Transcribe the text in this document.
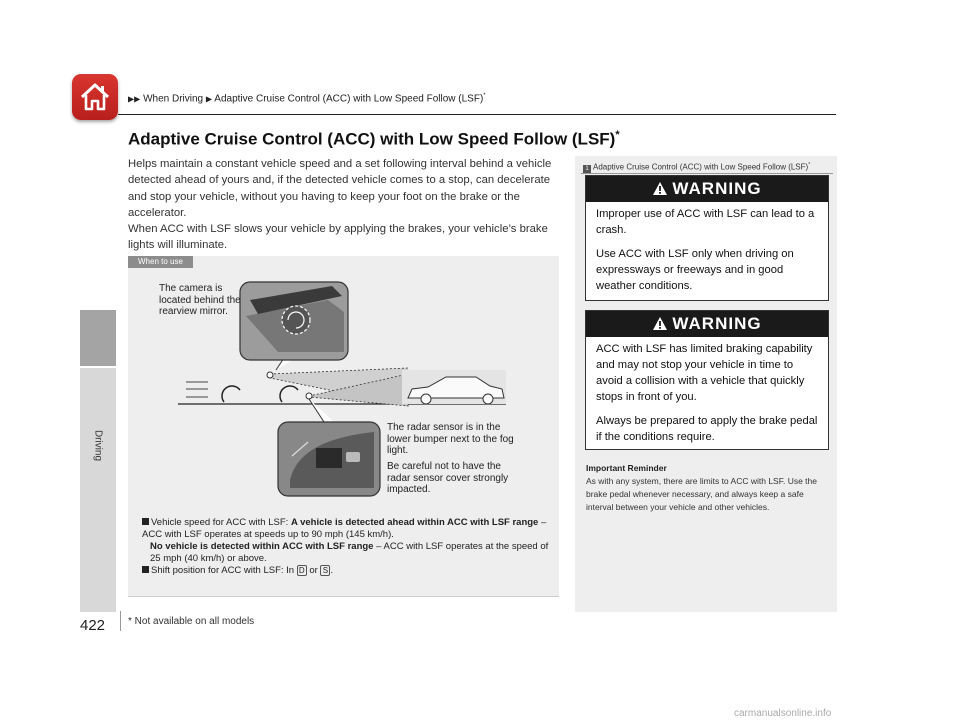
▶▶ When Driving ▶ Adaptive Cruise Control (ACC) with Low Speed Follow (LSF)*
Driving
Adaptive Cruise Control (ACC) with Low Speed Follow (LSF)*
Helps maintain a constant vehicle speed and a set following interval behind a vehicle detected ahead of yours and, if the detected vehicle comes to a stop, can decelerate and stop your vehicle, without you having to keep your foot on the brake or the accelerator.
When ACC with LSF slows your vehicle by applying the brakes, your vehicle’s brake lights will illuminate.
When to use
The camera is located behind the rearview mirror.
The radar sensor is in the lower bumper next to the fog light.
Be careful not to have the radar sensor cover strongly impacted.
Vehicle speed for ACC with LSF: A vehicle is detected ahead within ACC with LSF range – ACC with LSF operates at speeds up to 90 mph (145 km/h).
No vehicle is detected within ACC with LSF range – ACC with LSF operates at the speed of 25 mph (40 km/h) or above.
Shift position for ACC with LSF: In D or S .
1 Adaptive Cruise Control (ACC) with Low Speed Follow (LSF)*
WARNING

Improper use of ACC with LSF can lead to a crash.

Use ACC with LSF only when driving on expressways or freeways and in good weather conditions.

WARNING

ACC with LSF has limited braking capability and may not stop your vehicle in time to avoid a collision with a vehicle that quickly stops in front of you.

Always be prepared to apply the brake pedal if the conditions require.

Important Reminder
As with any system, there are limits to ACC with LSF. Use the brake pedal whenever necessary, and always keep a safe interval between your vehicle and other vehicles.
422 * Not available on all models
carmanualsonline.info
